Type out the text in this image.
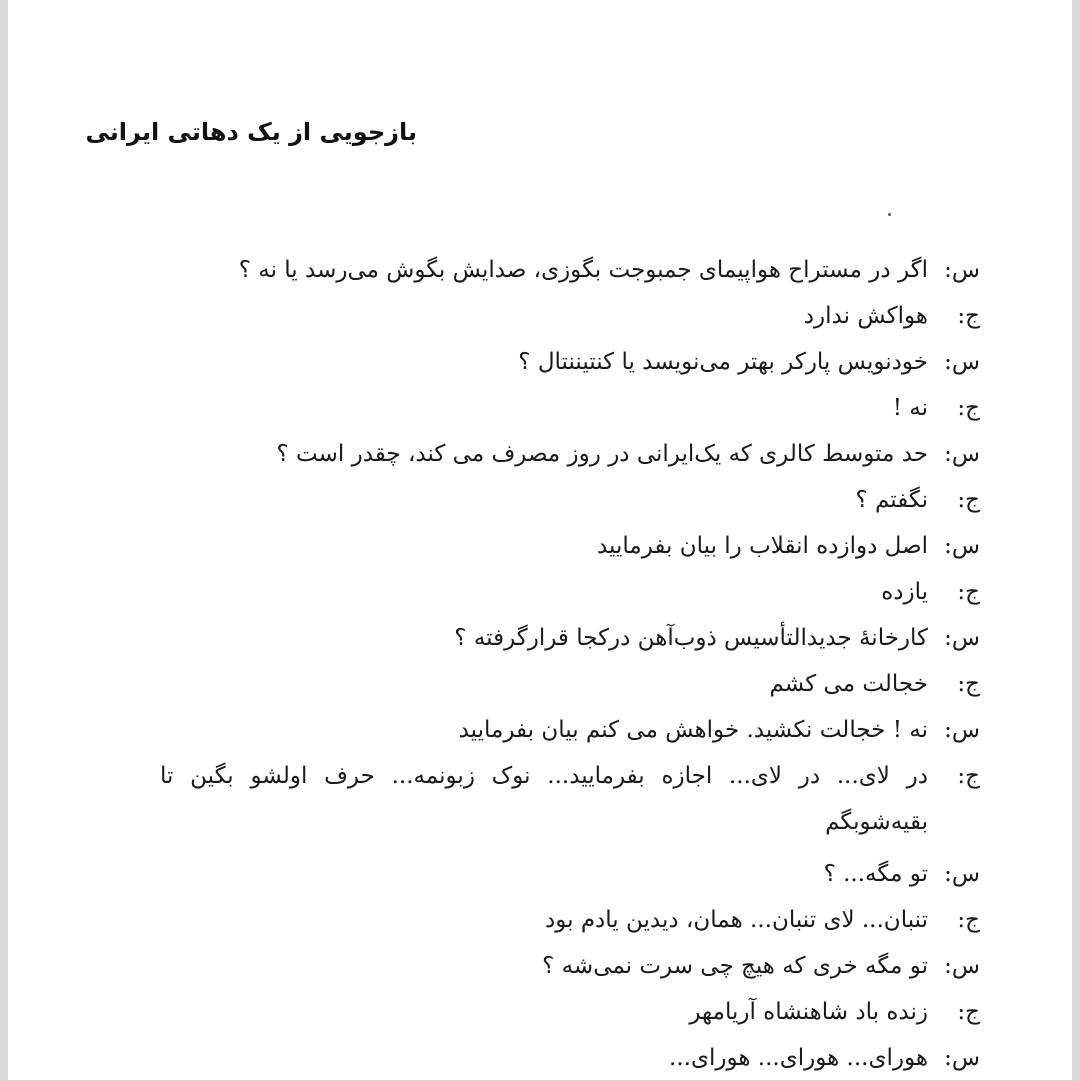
بازجویی از یک دهاتی ایرانی
س:
اگر در مستراح هواپیمای جمبوجت بگوزی، صدایش بگوش می‌رسد یا نه ؟
ج:
هواکش ندارد
س:
خودنویس پارکر بهتر می‌نویسد یا کنتیننتال ؟
ج:
نه !
س:
حد متوسط کالری که یک‌ایرانی در روز مصرف می کند، چقدر است ؟
ج:
نگفتم ؟
س:
اصل دوازده انقلاب را بیان بفرمایید
ج:
یازده
س:
کارخانهٔ جدیدالتأسیس ذوب‌آهن درکجا قرارگرفته ؟
ج:
خجالت می کشم
س:
نه ! خجالت نکشید. خواهش می کنم بیان بفرمایید
ج:
در لای... در لای... اجازه بفرمایید... نوک زبونمه... حرف اولشو بگین تا بقیه‌شوبگم
س:
تو مگه... ؟
ج:
تنبان... لای تنبان... همان، دیدین یادم بود
س:
تو مگه خری که هیچ چی سرت نمی‌شه ؟
ج:
زنده باد شاهنشاه آریامهر
س:
هورای... هورای... هورای...
